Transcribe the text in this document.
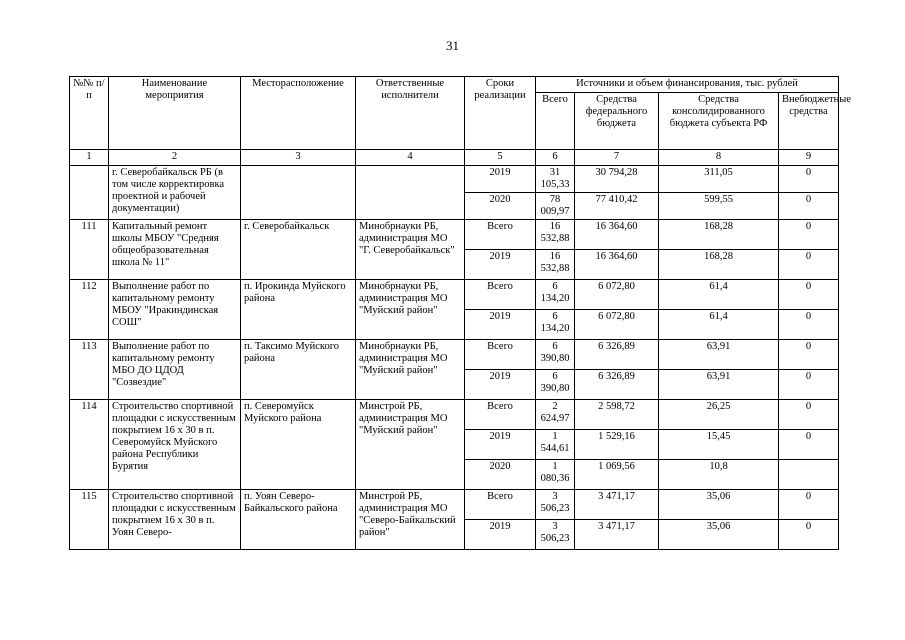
31
№№ п/п	Наименование мероприятия	Месторасположение	Ответственные исполнители	Сроки реализации	Источники и объем финансирования, тыс. рублей			
					Всего	Средства федерального бюджета	Средства консолидированного бюджета субъекта РФ	Внебюджетные средства
1	2	3	4	5	6	7	8	9
	г. Северобайкальск РБ (в том числе корректировка проектной и рабочей документации)			2019	31 105,33	30 794,28	311,05	0
				2020	78 009,97	77 410,42	599,55	0
111	Капитальный ремонт школы МБОУ "Средняя общеобразовательная школа № 11"	г. Северобайкальск	Минобрнауки РБ, администрация МО "Г. Северобайкальск"	Всего	16 532,88	16 364,60	168,28	0
				2019	16 532,88	16 364,60	168,28	0
112	Выполнение работ по капитальному ремонту МБОУ "Иракиндинская СОШ"	п. Ирокинда Муйского района	Минобрнауки РБ, администрация МО "Муйский район"	Всего	6 134,20	6 072,80	61,4	0
				2019	6 134,20	6 072,80	61,4	0
113	Выполнение работ по капитальному ремонту МБО ДО ЦДОД "Созвездие"	п. Таксимо Муйского района	Минобрнауки РБ, администрация МО "Муйский район"	Всего	6 390,80	6 326,89	63,91	0
				2019	6 390,80	6 326,89	63,91	0
114	Строительство спортивной площадки с искусственным покрытием 16 х 30 в п. Северомуйск Муйского района Республики Бурятия	п. Северомуйск Муйского района	Минстрой РБ, администрация МО "Муйский район"	Всего	2 624,97	2 598,72	26,25	0
				2019	1 544,61	1 529,16	15,45	0
				2020	1 080,36	1 069,56	10,8	
115	Строительство спортивной площадки с искусственным покрытием 16 х 30 в п. Уоян Северо-	п. Уоян Северо-Байкальского района	Минстрой РБ, администрация МО "Северо-Байкальский район"	Всего	3 506,23	3 471,17	35,06	0
				2019	3 506,23	3 471,17	35,06	0
